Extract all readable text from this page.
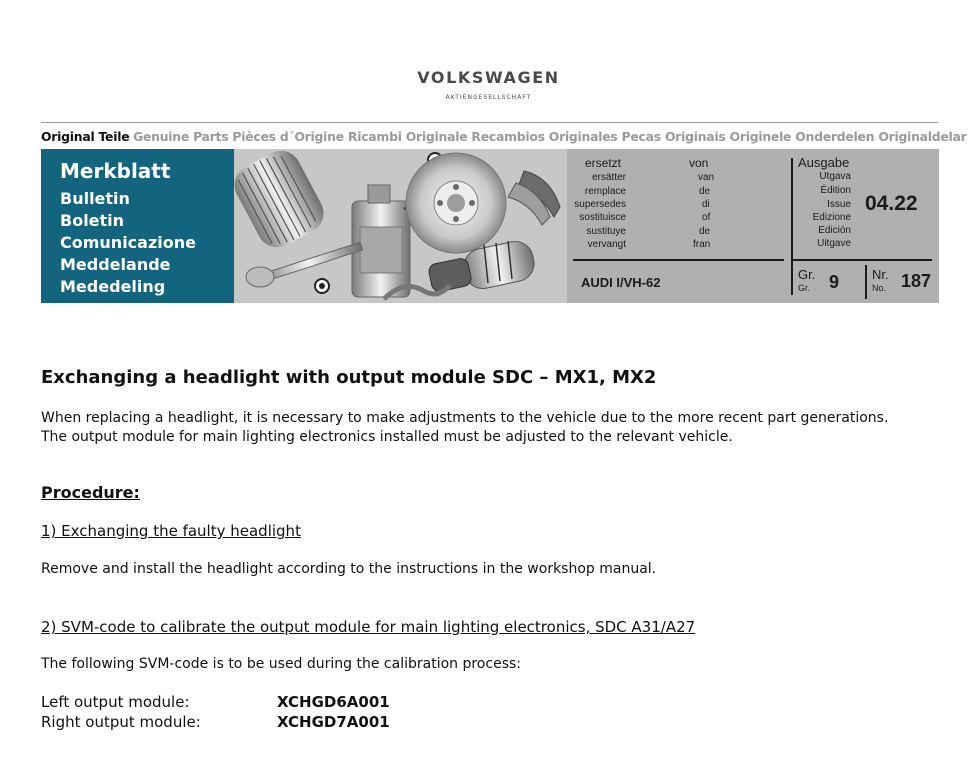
VOLKSWAGEN
AKTIENGESELLSCHAFT
Original Teile Genuine Parts Pièces d´Origine Ricambi Originale Recambios Originales Pecas Originais Originele Onderdelen Originaldelar
Merkblatt
Bulletin
Boletin
Comunicazione
Meddelande
Mededeling
ersetzt	von
ersätter
remplace
supersedes
sostituisce
sustituye
vervangt
van
de
di
of
de
fran
AUDI I/VH-62
Ausgabe
Utgava
Édition
Issue
Edizione
Edición
Uitgave
04.22
Gr.
Gr. 9	Nr.
No. 187
Exchanging a headlight with output module SDC – MX1, MX2
When replacing a headlight, it is necessary to make adjustments to the vehicle due to the more recent part generations.
The output module for main lighting electronics installed must be adjusted to the relevant vehicle.
Procedure:
1) Exchanging the faulty headlight
Remove and install the headlight according to the instructions in the workshop manual.
2) SVM-code to calibrate the output module for main lighting electronics, SDC A31/A27
The following SVM-code is to be used during the calibration process:
Left output module:	XCHGD6A001
Right output module:	XCHGD7A001
